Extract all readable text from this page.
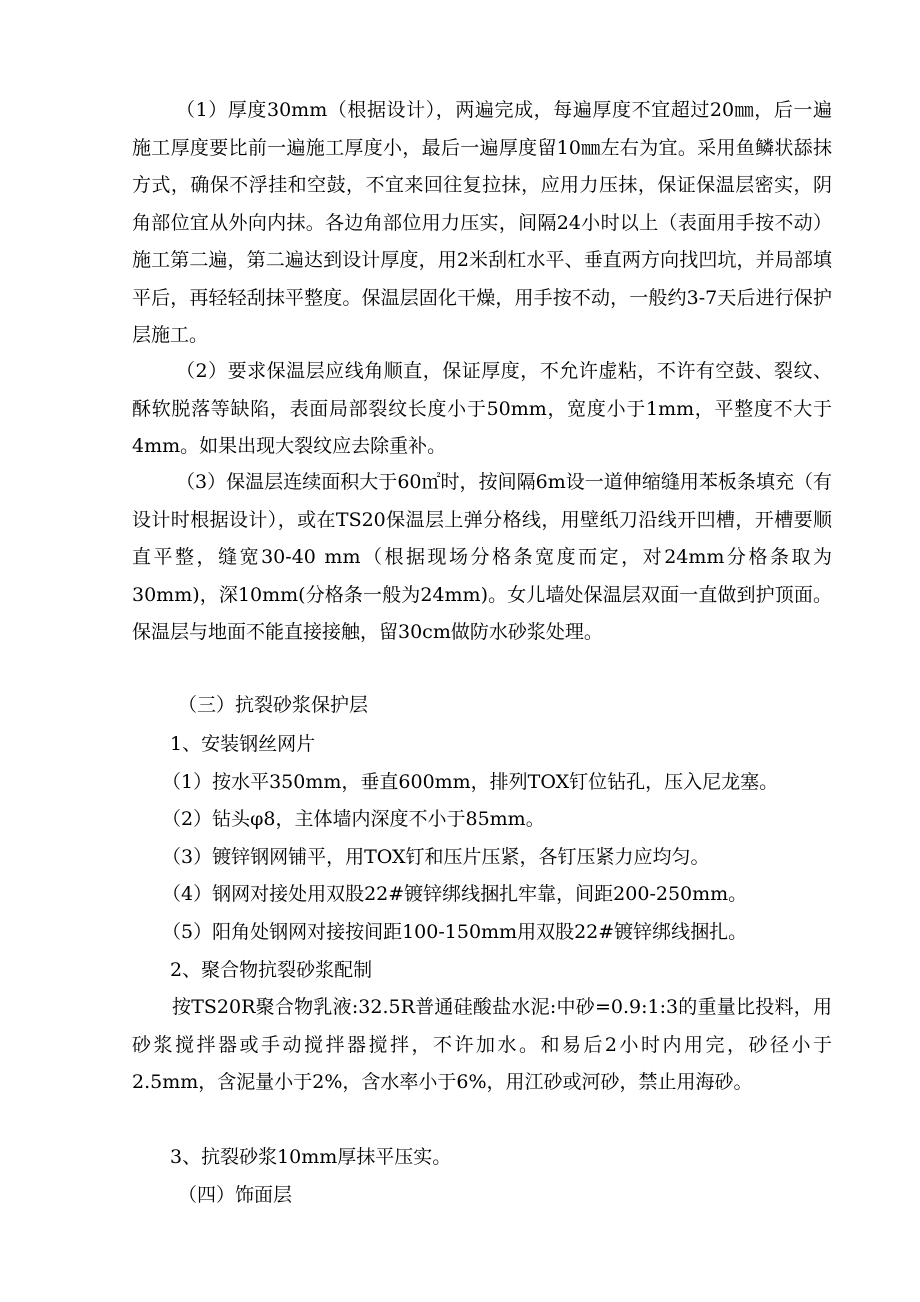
（1）厚度30mm（根据设计），两遍完成，每遍厚度不宜超过20㎜，后一遍施工厚度要比前一遍施工厚度小，最后一遍厚度留10㎜左右为宜。采用鱼鳞状舔抹方式，确保不浮挂和空鼓，不宜来回往复拉抹，应用力压抹，保证保温层密实，阴角部位宜从外向内抹。各边角部位用力压实，间隔24小时以上（表面用手按不动）施工第二遍，第二遍达到设计厚度，用2米刮杠水平、垂直两方向找凹坑，并局部填平后，再轻轻刮抹平整度。保温层固化干燥，用手按不动，一般约3-7天后进行保护层施工。

（2）要求保温层应线角顺直，保证厚度，不允许虚粘，不许有空鼓、裂纹、酥软脱落等缺陷，表面局部裂纹长度小于50mm，宽度小于1mm，平整度不大于4mm。如果出现大裂纹应去除重补。

（3）保温层连续面积大于60㎡时，按间隔6m设一道伸缩缝用苯板条填充（有设计时根据设计），或在TS20保温层上弹分格线，用壁纸刀沿线开凹槽，开槽要顺直平整，缝宽30-40 mm（根据现场分格条宽度而定，对24mm分格条取为30mm)，深10mm(分格条一般为24mm)。女儿墙处保温层双面一直做到护顶面。保温层与地面不能直接接触，留30cm做防水砂浆处理。

（三）抗裂砂浆保护层

1、安装钢丝网片

（1）按水平350mm，垂直600mm，排列TOX钉位钻孔，压入尼龙塞。

（2）钻头φ8，主体墙内深度不小于85mm。

（3）镀锌钢网铺平，用TOX钉和压片压紧，各钉压紧力应均匀。

（4）钢网对接处用双股22#镀锌绑线捆扎牢靠，间距200-250mm。

（5）阳角处钢网对接按间距100-150mm用双股22#镀锌绑线捆扎。

2、聚合物抗裂砂浆配制

按TS20R聚合物乳液:32.5R普通硅酸盐水泥:中砂=0.9:1:3的重量比投料，用砂浆搅拌器或手动搅拌器搅拌，不许加水。和易后2小时内用完，砂径小于2.5mm，含泥量小于2%，含水率小于6%，用江砂或河砂，禁止用海砂。

3、抗裂砂浆10mm厚抹平压实。

（四）饰面层
